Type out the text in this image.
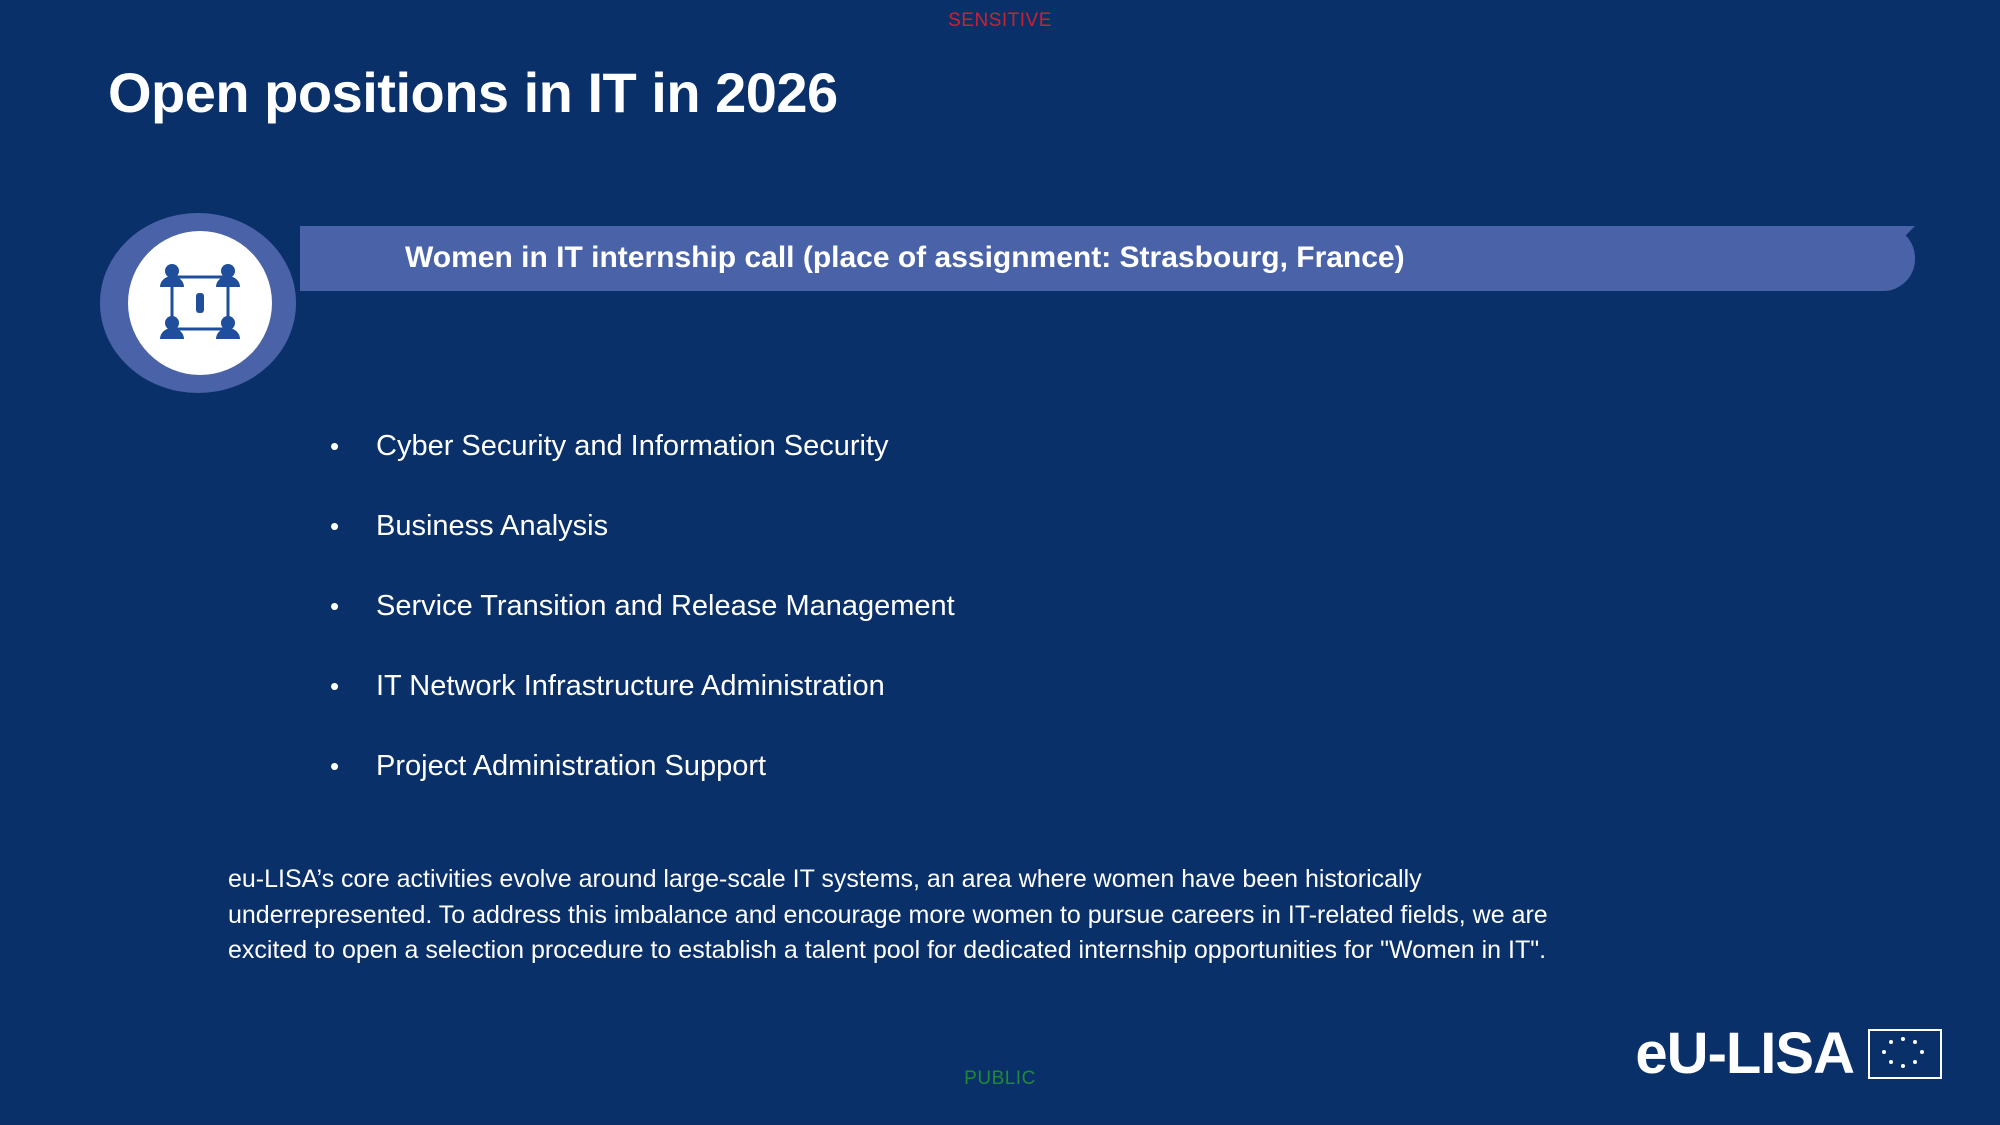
SENSITIVE
Open positions in IT in 2026
Women in IT internship call (place of assignment: Strasbourg, France)
•	Cyber Security and Information Security
•	Business Analysis
•	Service Transition and Release Management
•	IT Network Infrastructure Administration
•	Project Administration Support
eu-LISA’s core activities evolve around large-scale IT systems, an area where women have been historically underrepresented. To address this imbalance and encourage more women to pursue careers in IT-related fields, we are excited to open a selection procedure to establish a talent pool for dedicated internship opportunities for "Women in IT".
PUBLIC	eU-LISA
